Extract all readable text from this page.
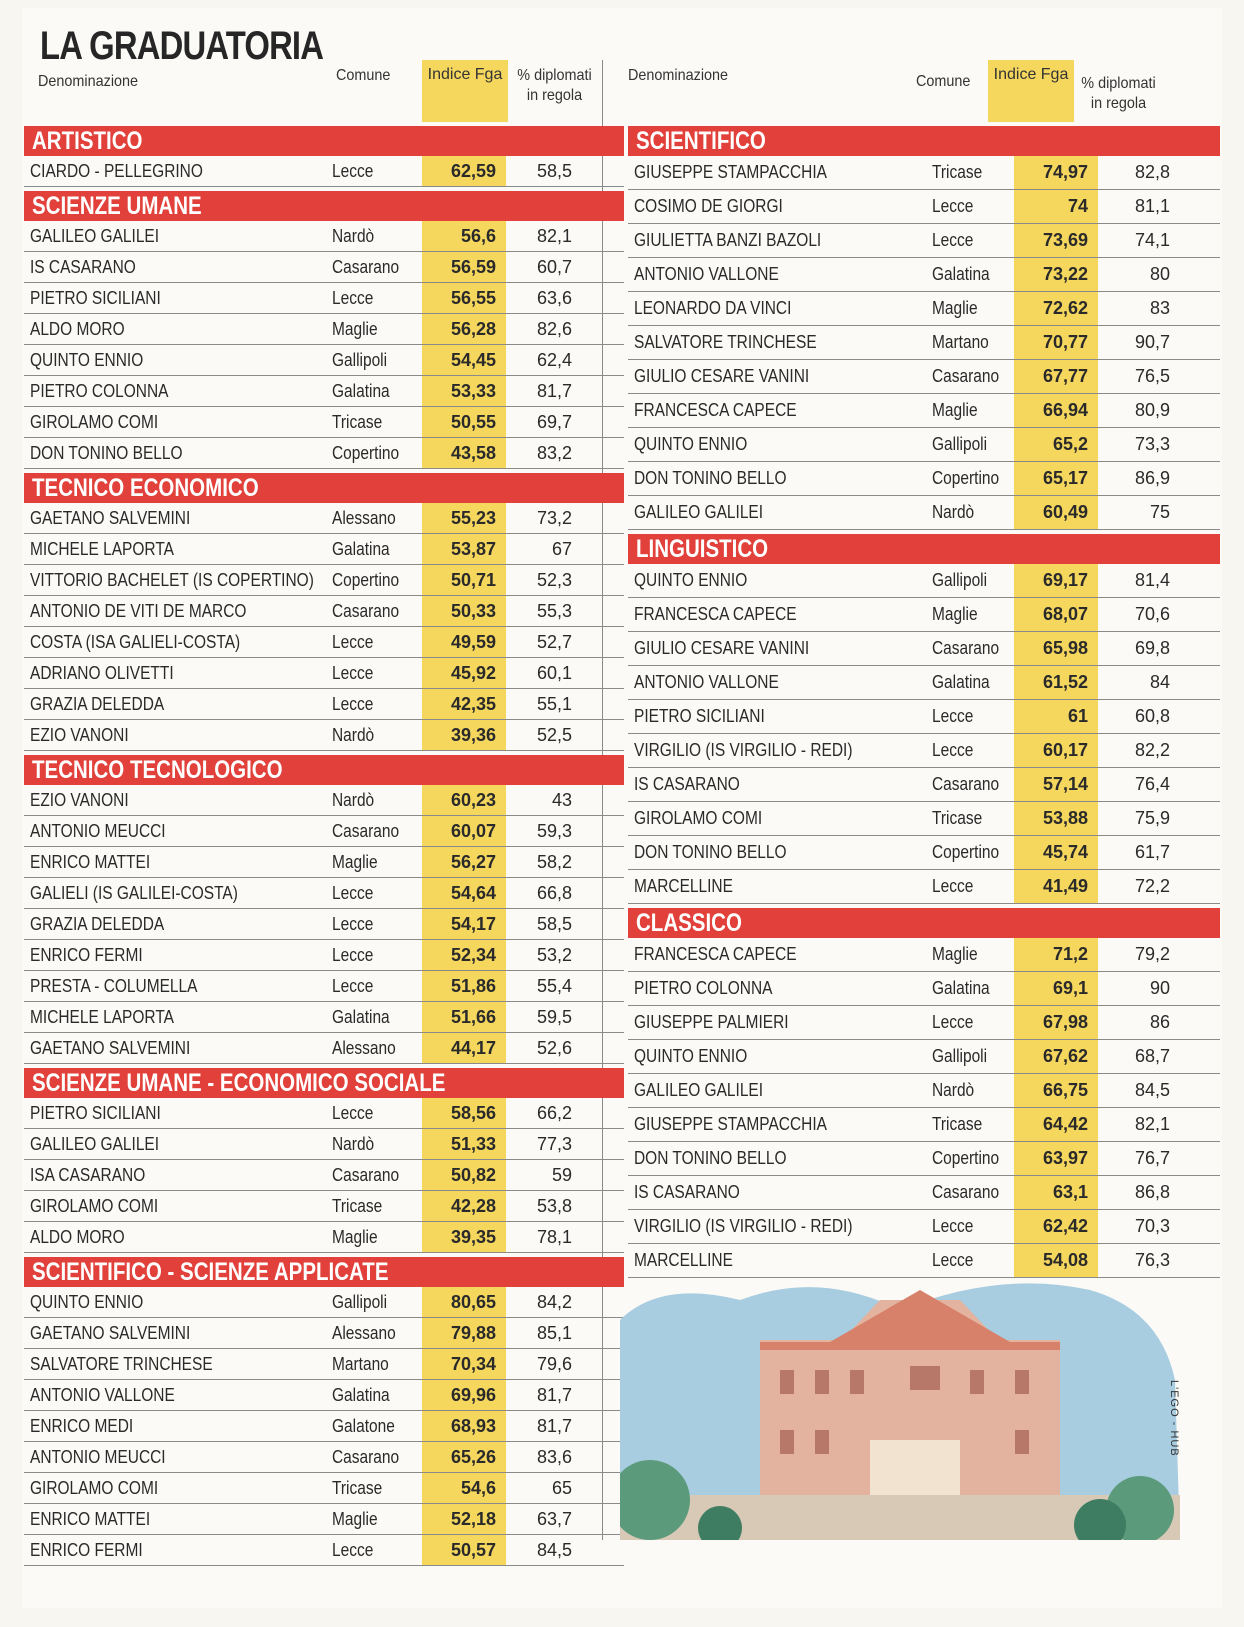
LA GRADUATORIA
Denominazione	Comune	Indice Fga % diplomati
in regola
ARTISTICO
CIARDO - PELLEGRINO	Lecce	62,59	58,5
SCIENZE UMANE
GALILEO GALILEI	Nardò	56,6	82,1
IS CASARANO	Casarano	56,59	60,7
PIETRO SICILIANI	Lecce	56,55	63,6
ALDO MORO	Maglie	56,28	82,6
QUINTO ENNIO	Gallipoli	54,45	62,4
PIETRO COLONNA	Galatina	53,33	81,7
GIROLAMO COMI	Tricase	50,55	69,7
DON TONINO BELLO	Copertino	43,58	83,2
TECNICO ECONOMICO
GAETANO SALVEMINI	Alessano	55,23	73,2
MICHELE LAPORTA	Galatina	53,87	67
VITTORIO BACHELET (IS COPERTINO)	Copertino	50,71	52,3
ANTONIO DE VITI DE MARCO	Casarano	50,33	55,3
COSTA (ISA GALIELI-COSTA)	Lecce	49,59	52,7
ADRIANO OLIVETTI	Lecce	45,92	60,1
GRAZIA DELEDDA	Lecce	42,35	55,1
EZIO VANONI	Nardò	39,36	52,5
TECNICO TECNOLOGICO
EZIO VANONI	Nardò	60,23	43
ANTONIO MEUCCI	Casarano	60,07	59,3
ENRICO MATTEI	Maglie	56,27	58,2
GALIELI (IS GALILEI-COSTA)	Lecce	54,64	66,8
GRAZIA DELEDDA	Lecce	54,17	58,5
ENRICO FERMI	Lecce	52,34	53,2
PRESTA - COLUMELLA	Lecce	51,86	55,4
MICHELE LAPORTA	Galatina	51,66	59,5
GAETANO SALVEMINI	Alessano	44,17	52,6
SCIENZE UMANE - ECONOMICO SOCIALE
PIETRO SICILIANI	Lecce	58,56	66,2
GALILEO GALILEI	Nardò	51,33	77,3
ISA CASARANO	Casarano	50,82	59
GIROLAMO COMI	Tricase	42,28	53,8
ALDO MORO	Maglie	39,35	78,1
SCIENTIFICO - SCIENZE APPLICATE
QUINTO ENNIO	Gallipoli	80,65	84,2
GAETANO SALVEMINI	Alessano	79,88	85,1
SALVATORE TRINCHESE	Martano	70,34	79,6
ANTONIO VALLONE	Galatina	69,96	81,7
ENRICO MEDI	Galatone	68,93	81,7
ANTONIO MEUCCI	Casarano	65,26	83,6
GIROLAMO COMI	Tricase	54,6	65
ENRICO MATTEI	Maglie	52,18	63,7
ENRICO FERMI	Lecce	50,57	84,5
Denominazione	Comune	Indice Fga
% diplomati
in regola
SCIENTIFICO
GIUSEPPE STAMPACCHIA	Tricase	74,97	82,8
COSIMO DE GIORGI	Lecce	74	81,1
GIULIETTA BANZI BAZOLI	Lecce	73,69	74,1
ANTONIO VALLONE	Galatina	73,22	80
LEONARDO DA VINCI	Maglie	72,62	83
SALVATORE TRINCHESE	Martano	70,77	90,7
GIULIO CESARE VANINI	Casarano	67,77	76,5
FRANCESCA CAPECE	Maglie	66,94	80,9
QUINTO ENNIO	Gallipoli	65,2	73,3
DON TONINO BELLO	Copertino	65,17	86,9
GALILEO GALILEI	Nardò	60,49	75
LINGUISTICO
QUINTO ENNIO	Gallipoli	69,17	81,4
FRANCESCA CAPECE	Maglie	68,07	70,6
GIULIO CESARE VANINI	Casarano	65,98	69,8
ANTONIO VALLONE	Galatina	61,52	84
PIETRO SICILIANI	Lecce	61	60,8
VIRGILIO (IS VIRGILIO - REDI)	Lecce	60,17	82,2
IS CASARANO	Casarano	57,14	76,4
GIROLAMO COMI	Tricase	53,88	75,9
DON TONINO BELLO	Copertino	45,74	61,7
MARCELLINE	Lecce	41,49	72,2
CLASSICO
FRANCESCA CAPECE	Maglie	71,2	79,2
PIETRO COLONNA	Galatina	69,1	90
GIUSEPPE PALMIERI	Lecce	67,98	86
QUINTO ENNIO	Gallipoli	67,62	68,7
GALILEO GALILEI	Nardò	66,75	84,5
GIUSEPPE STAMPACCHIA	Tricase	64,42	82,1
DON TONINO BELLO	Copertino	63,97	76,7
IS CASARANO	Casarano	63,1	86,8
VIRGILIO (IS VIRGILIO - REDI)	Lecce	62,42	70,3
MARCELLINE	Lecce	54,08	76,3
L'EGO - HUB
